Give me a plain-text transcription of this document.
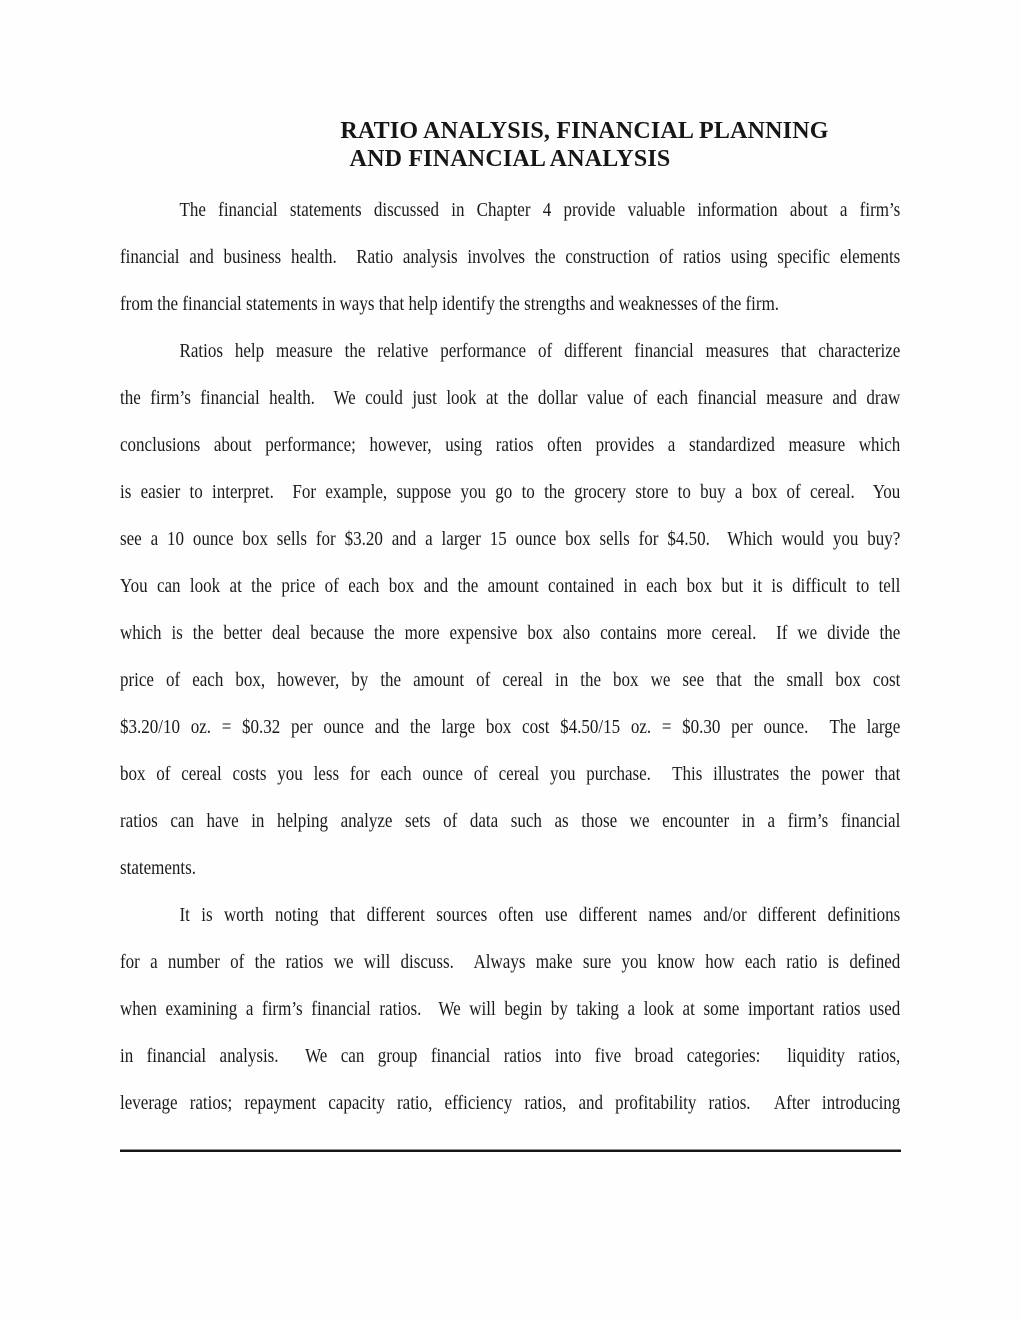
RATIO ANALYSIS, FINANCIAL PLANNING
AND FINANCIAL ANALYSIS
The financial statements discussed in Chapter 4 provide valuable information about a firm’s
financial and business health.  Ratio analysis involves the construction of ratios using specific elements
from the financial statements in ways that help identify the strengths and weaknesses of the firm.
Ratios help measure the relative performance of different financial measures that characterize
the firm’s financial health.  We could just look at the dollar value of each financial measure and draw
conclusions about performance; however, using ratios often provides a standardized measure which
is easier to interpret.  For example, suppose you go to the grocery store to buy a box of cereal.  You
see a 10 ounce box sells for $3.20 and a larger 15 ounce box sells for $4.50.  Which would you buy?
You can look at the price of each box and the amount contained in each box but it is difficult to tell
which is the better deal because the more expensive box also contains more cereal.  If we divide the
price of each box, however, by the amount of cereal in the box we see that the small box cost
$3.20/10 oz. = $0.32 per ounce and the large box cost $4.50/15 oz. = $0.30 per ounce.  The large
box of cereal costs you less for each ounce of cereal you purchase.  This illustrates the power that
ratios can have in helping analyze sets of data such as those we encounter in a firm’s financial
statements.
It is worth noting that different sources often use different names and/or different definitions
for a number of the ratios we will discuss.  Always make sure you know how each ratio is defined
when examining a firm’s financial ratios.  We will begin by taking a look at some important ratios used
in financial analysis.  We can group financial ratios into five broad categories:  liquidity ratios,
leverage ratios; repayment capacity ratio, efficiency ratios, and profitability ratios.  After introducing
